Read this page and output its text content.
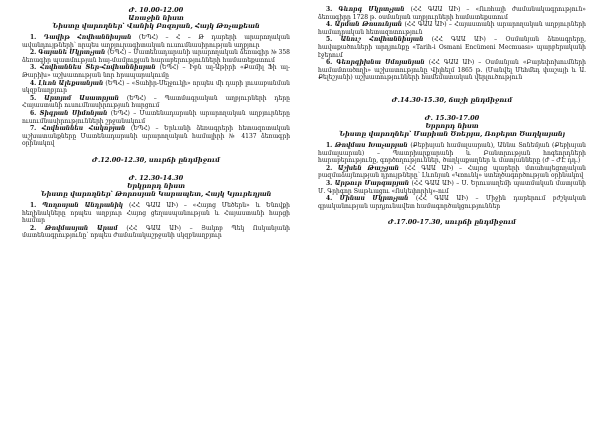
Ժ. 10.00-12.00
Առաջին նիստ
Նիստը վարողներ՝ Վանիկ Բոզոյան, Հայկ Թռչաքեան

1. Դավիթ Հովհաննիսյան (ԵՊՀ) – Հ – Թ դարերի արարողական ավանդույթների՝ որպես աղբյուրագիտական ուսումնասիրության աղբյուր

2. Գայանե Մկրտչյան (ԵՊՀ) – Մատենադարանի արարողական ձեռագիր № 358 ձեռագիր պատմության հայ-մամլուքյան հարաբերությունների համատեքստում

3. Հովհաննես Տեր-Հովհաննիսյան (ԵՊՀ) – Իբն ալ-Աթիրի «Քամիլ Ֆի ալ-Թարիխ» աշխատության նոր հրապարակումը

4. Լևոն Ալեքսանյան (ԵՊՀ) – «Տահիր-Սելջուկի» որպես մի դարի լուսաբանման սկզբնաղբյուր

5. Արտյոմ Ասատրյան (ԵՊՀ) – Պատմագրական աղբյուրների դերը Հայաստանի ուսումնասիրության հարցում

6. Տիգրան Սիմոնյան (ԵՊՀ) – Մատենադարանի արարողական աղբյուրները ուսումնասիրությունների շրջանակում

7. Հովհաննես Հակոբյան (ԵՊՀ) – Երևանի ձեռագրերի հետազոտական աշխատանքները Մատենադարանի արարողական համալիրի № 4137 ձեռագրի օրինակով

Ժ.12.00-12.30, սուրճի ընդմիջում
Ժ. 12.30-14.30
Երկրորդ նիստ
Նիստը վարողներ՝ Թորոսյան Կարապետ, Հայկ Կյուրեղյան

1. Պողոսյան Անդրանիկ (ՀՀ ԳԱԱ ԱԻ) – «Հայոց Մեծերն» և Ենովքի հեղինակները որպես աղբյուր Հայոց ցեղասպանության և Հայաստանի հարցի համար

2. Թովմասյան Արամ (ՀՀ ԳԱԱ ԱԻ) – Յակոբ Պեկ Ոսկանյանի մատենագրությունը՝ որպես ժամանակաշրջանի սկզբնաղբյուր

3. Գևորգ Մկրտչյան (ՀՀ ԳԱԱ ԱԻ) – «Ուռհայի ժամանակագրություն» ձեռագիրը 1728 թ. օսմանյան աղբյուրների համատեքստում

4. Արման Թոսունյան (ՀՀ ԳԱԱ ԱԻ) – Հայաստանի արարողական աղբյուրների համադրական հետազոտություն

5. Անուշ Հովհաննիսյան (ՀՀ ԳԱԱ ԱԻ) – Օսմանյան ձեռագրերը, հավաքածուների արդյունքը «Tarih-i Osmani Encümeni Mecmuası» պարբերականի էջերում

6. Գեորգիխնա Սմոյանյան (ՀՀ ԳԱԱ ԱԻ) – Օսմանյան «Բարեփոխումների համամտածողի» աշխատությունը Վիլհելմ 1865 թ. (Մանվել Մեհմեդ փաշայի և Ա. Քելեշյանի) աշխատությունների համեմատական վերլուծություն

Ժ.14.30-15.30, ճաշի ընդմիջում
Ժ. 15.30-17.00
Երրորդ նիստ
Նիստը վարողներ՝ Մարիան Ծռերյա, Ռոբերտ Ծաղկայանյ

1. Թովմաս Խաչարյան (Քեբիսյան համալսարան), Աննա Տոնեմյան (Քեբիսյան համալսարան) – Պատրիարքարանի և Բանտրության հոգեորդների հարաբերությունը, գործողություններ, ծաղկաքաղներ և մատյանները (Ժ – ԺԷ դդ.)

2. Աշխեն Թաշչյան (ՀՀ ԳԱԱ ԱԻ) – Հայոց պարերի մտահայեցողական բազմաձայնության դրույթները՝ Լևոնյան «Կռունկ» ստեղծագործության օրինակով

3. Արթուր Մարգարյան (ՀՀ ԳԱԱ ԱԻ) – Ս. Երուսաղեմի պատմական մատյանի Մ. Գրիգոր Տաթևացու «Ոսկեփորիկ»-ում

4. Մինաս Մկրտչյան (ՀՀ ԳԱԱ ԱԻ) – Միջին դարերում բժշկական գրականության արդյունավետ համագործակցություններ

Ժ.17.00-17.30, սուրճի ընդմիջում
